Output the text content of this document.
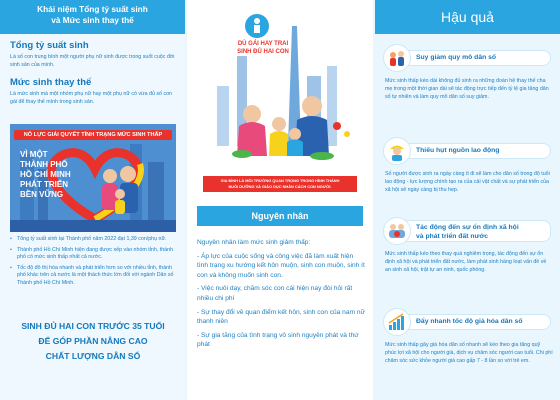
Khái niệm Tổng tỷ suất sinh
và Mức sinh thay thế

Tổng tỷ suất sinh

Là số con trung bình một người phụ nữ sinh được trong suốt cuộc đời sinh sản của mình.

Mức sinh thay thế

Là mức sinh mà một nhóm phụ nữ hay một phụ nữ có vừa đủ số con gái để thay thế mình trong sinh sản.

NỖ LỰC GIẢI QUYẾT TÌNH TRẠNG MỨC SINH THẤP
VÌ MỘT
THÀNH PHỐ
HỒ CHÍ MINH
PHÁT TRIỂN
BỀN VỮNG

• Tổng tỷ suất sinh tại Thành phố năm 2022 đạt 1,39 con/phụ nữ.

• Thành phố Hồ Chí Minh hiện đang được xếp vào nhóm tỉnh, thành phố có mức sinh thấp nhất cả nước.

• Tốc độ đô thị hóa nhanh và phát triển hơn so với nhiều tỉnh, thành phố khác trên cả nước là một thách thức lớn đối với ngành Dân số Thành phố Hồ Chí Minh.

SINH ĐỦ HAI CON TRƯỚC 35 TUỔI
ĐỂ GÓP PHẦN NÂNG CAO
CHẤT LƯỢNG DÂN SỐ
DÙ GÁI HAY TRAI
SINH ĐỦ HAI CON
GIA ĐÌNH LÀ MÔI TRƯỜNG QUAN TRỌNG TRONG HÌNH THÀNH
NUÔI DƯỠNG VÀ GIÁO DỤC NHÂN CÁCH CON NGƯỜI.
Nguyên nhân

Nguyên nhân làm mức sinh giảm thấp:

- Áp lực của cuộc sống và công việc đã làm xuất hiện tình trạng xu hướng kết hôn muộn, sinh con muộn, sinh ít con và không muốn sinh con.

- Việc nuôi dạy, chăm sóc con cái hiện nay đòi hỏi rất nhiều chi phí

- Sự thay đổi về quan điểm kết hôn, sinh con của nam nữ thanh niên

- Sự gia tăng của tình trạng vô sinh nguyên phát và thứ phát

Hậu quả
Suy giảm quy mô dân số

Mức sinh thấp kéo dài không đủ sinh ra những đoàn hệ thay thế cha mẹ trong một thời gian dài sẽ tác động trực tiếp đến tỷ lệ gia tăng dân số tự nhiên và làm quy mô dân số suy giảm.

Thiếu hụt nguồn lao động

Số người được sinh ra ngày càng ít đi sẽ làm cho dân số trong độ tuổi lao động - lực lượng chính tạo ra của cải vật chất và sự phát triển của xã hội sẽ ngày càng bị thu hẹp.

Tác động đến sự ổn định xã hội
và phát triển đất nước

Mức sinh thấp kéo theo thay quá nghiêm trọng, tác động đến sự ổn định xã hội và phát triển đất nước, làm phát sinh hàng loạt vấn đề về an sinh xã hội, trật tự an ninh, quốc phòng.

Đẩy nhanh tốc độ già hóa dân số

Mức sinh thấp gây già hóa dân số nhanh sẽ kéo theo gia tăng quỹ phúc lợi xã hội cho người già, dịch vụ chăm sóc người cao tuổi. Chi phí chăm sóc sức khỏe người già cao gấp 7 - 8 lần so với trẻ em.
